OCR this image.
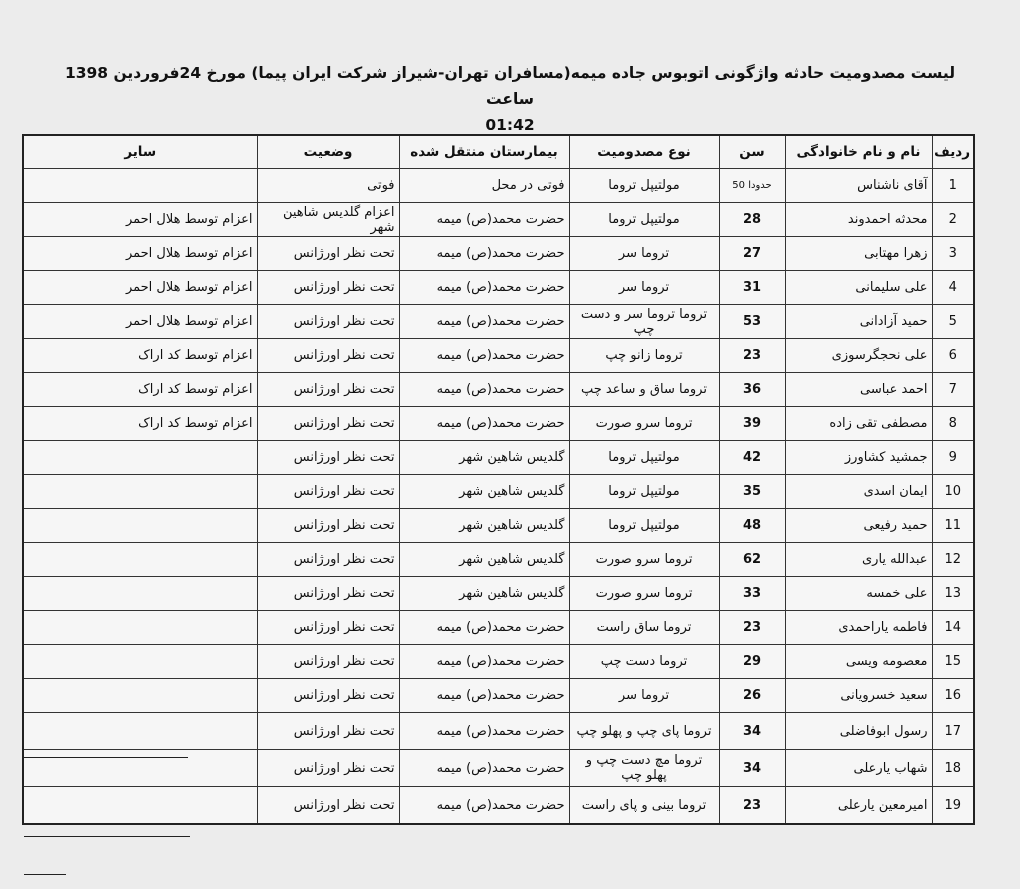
لیست مصدومیت حادثه واژگونی اتوبوس جاده میمه(مسافران تهران-شیراز شرکت ایران پیما) مورخ 24فروردین 1398 ساعت
01:42
ردیف	نام و نام خانوادگی	سن	نوع مصدومیت	بیمارستان منتقل شده	وضعیت	سایر
1	آقای ناشناس	حدودا 50	مولتیپل تروما	فوتی در محل	فوتی	
2	محدثه احمدوند	28	مولتیپل تروما	حضرت محمد(ص) میمه	اعزام گلدیس شاهین شهر	اعزام توسط هلال احمر
3	زهرا مهتابی	27	تروما سر	حضرت محمد(ص) میمه	تحت نظر اورژانس	اعزام توسط هلال احمر
4	علی سلیمانی	31	تروما سر	حضرت محمد(ص) میمه	تحت نظر اورژانس	اعزام توسط هلال احمر
5	حمید آزادانی	53	تروما تروما سر و دست چپ	حضرت محمد(ص) میمه	تحت نظر اورژانس	اعزام توسط هلال احمر
6	علی نحجگرسوزی	23	تروما زانو چپ	حضرت محمد(ص) میمه	تحت نظر اورژانس	اعزام توسط کد اراک
7	احمد عباسی	36	تروما ساق و ساعد چپ	حضرت محمد(ص) میمه	تحت نظر اورژانس	اعزام توسط کد اراک
8	مصطفی تقی زاده	39	تروما سرو صورت	حضرت محمد(ص) میمه	تحت نظر اورژانس	اعزام توسط کد اراک
9	جمشید کشاورز	42	مولتیپل تروما	گلدیس شاهین شهر	تحت نظر اورژانس	
10	ایمان اسدی	35	مولتیپل تروما	گلدیس شاهین شهر	تحت نظر اورژانس	
11	حمید رفیعی	48	مولتیپل تروما	گلدیس شاهین شهر	تحت نظر اورژانس	
12	عبدالله یاری	62	تروما سرو صورت	گلدیس شاهین شهر	تحت نظر اورژانس	
13	علی خمسه	33	تروما سرو صورت	گلدیس شاهین شهر	تحت نظر اورژانس	
14	فاطمه یاراحمدی	23	تروما ساق راست	حضرت محمد(ص) میمه	تحت نظر اورژانس	
15	معصومه ویسی	29	تروما دست چپ	حضرت محمد(ص) میمه	تحت نظر اورژانس	
16	سعید خسرویانی	26	تروما سر	حضرت محمد(ص) میمه	تحت نظر اورژانس	
17	رسول ابوفاضلی	34	تروما پای چپ و پهلو چپ	حضرت محمد(ص) میمه	تحت نظر اورژانس	
18	شهاب یارعلی	34	تروما مچ دست چپ و پهلو چپ	حضرت محمد(ص) میمه	تحت نظر اورژانس	
19	امیرمعین یارعلی	23	تروما بینی و پای راست	حضرت محمد(ص) میمه	تحت نظر اورژانس	
